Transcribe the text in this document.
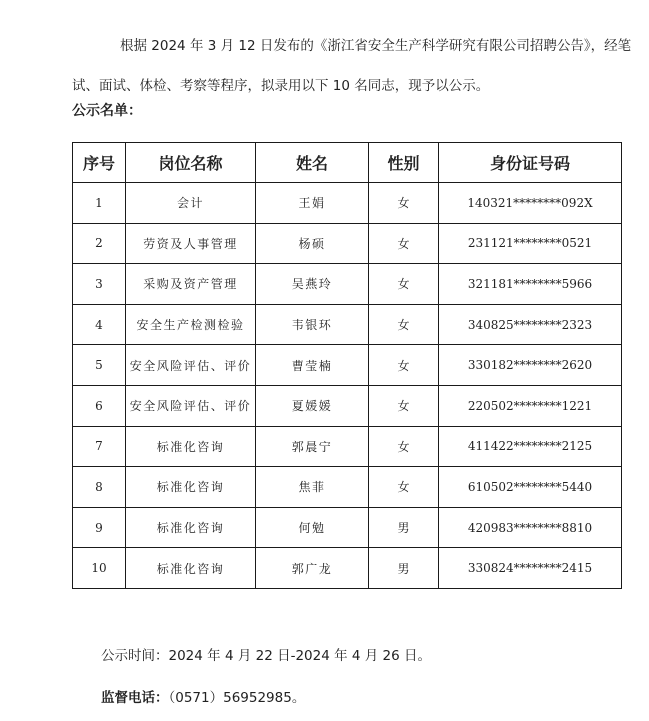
根据 2024 年 3 月 12 日发布的《浙江省安全生产科学研究有限公司招聘公告》，经笔试、面试、体检、考察等程序，拟录用以下 10 名同志，现予以公示。

公示名单：

序号	岗位名称	姓名	性别	身份证号码
1	会计	王娟	女	140321********092X
2	劳资及人事管理	杨硕	女	231121********0521
3	采购及资产管理	吴燕玲	女	321181********5966
4	安全生产检测检验	韦银环	女	340825********2323
5	安全风险评估、评价	曹莹楠	女	330182********2620
6	安全风险评估、评价	夏媛媛	女	220502********1221
7	标准化咨询	郭晨宁	女	411422********2125
8	标准化咨询	焦菲	女	610502********5440
9	标准化咨询	何勉	男	420983********8810
10	标准化咨询	郭广龙	男	330824********2415

公示时间：2024 年 4 月 22 日-2024 年 4 月 26 日。

监督电话：（0571）56952985。
